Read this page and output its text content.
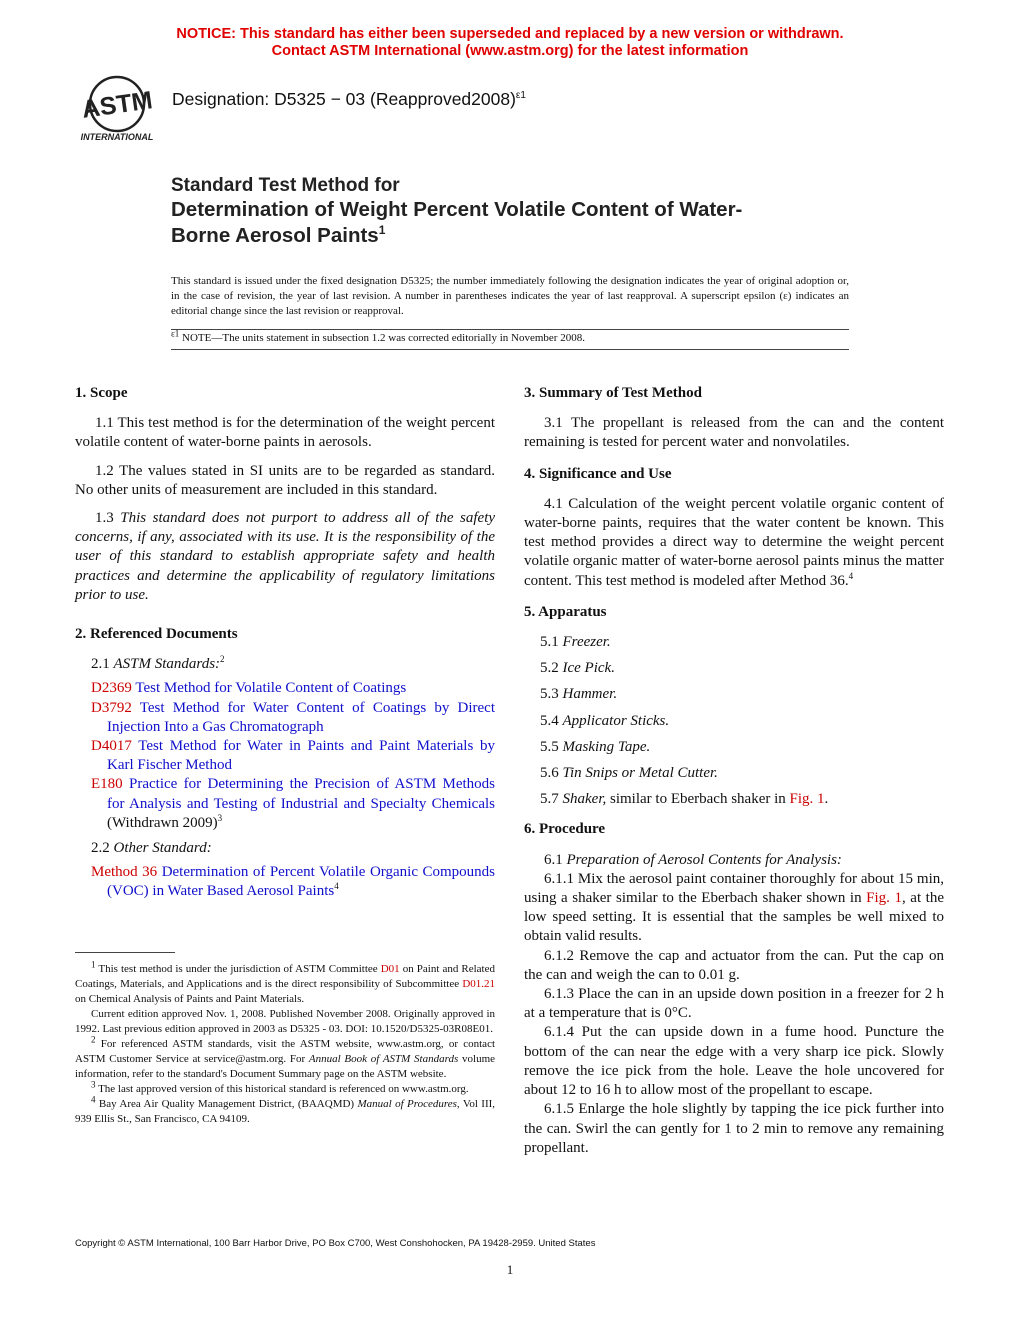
NOTICE: This standard has either been superseded and replaced by a new version or withdrawn.
Contact ASTM International (www.astm.org) for the latest information
ASTM
INTERNATIONAL
Designation: D5325 − 03 (Reapproved2008)$^{\varepsilon 1}$
Standard Test Method for
Determination of Weight Percent Volatile Content of Water-
Borne Aerosol Paints$^1$
This standard is issued under the fixed designation D5325; the number immediately following the designation indicates the year of original adoption or, in the case of revision, the year of last revision. A number in parentheses indicates the year of last reapproval. A superscript epsilon (ε) indicates an editorial change since the last revision or reapproval.
$^{\varepsilon 1}$ NOTE—The units statement in subsection 1.2 was corrected editorially in November 2008.
1. Scope
1.1 This test method is for the determination of the weight percent volatile content of water-borne paints in aerosols.
1.2 The values stated in SI units are to be regarded as standard. No other units of measurement are included in this standard.
1.3 This standard does not purport to address all of the safety concerns, if any, associated with its use. It is the responsibility of the user of this standard to establish appropriate safety and health practices and determine the applicability of regulatory limitations prior to use.
2. Referenced Documents
2.1 ASTM Standards:$^2$
D2369 Test Method for Volatile Content of Coatings
D3792 Test Method for Water Content of Coatings by Direct Injection Into a Gas Chromatograph
D4017 Test Method for Water in Paints and Paint Materials by Karl Fischer Method
E180 Practice for Determining the Precision of ASTM Methods for Analysis and Testing of Industrial and Specialty Chemicals (Withdrawn 2009)$^3$
2.2 Other Standard:
Method 36 Determination of Percent Volatile Organic Compounds (VOC) in Water Based Aerosol Paints$^4$

$^1$ This test method is under the jurisdiction of ASTM Committee D01 on Paint and Related Coatings, Materials, and Applications and is the direct responsibility of Subcommittee D01.21 on Chemical Analysis of Paints and Paint Materials.

Current edition approved Nov. 1, 2008. Published November 2008. Originally approved in 1992. Last previous edition approved in 2003 as D5325 - 03. DOI: 10.1520/D5325-03R08E01.

$^2$ For referenced ASTM standards, visit the ASTM website, www.astm.org, or contact ASTM Customer Service at service@astm.org. For Annual Book of ASTM Standards volume information, refer to the standard's Document Summary page on the ASTM website.

$^3$ The last approved version of this historical standard is referenced on www.astm.org.

$^4$ Bay Area Air Quality Management District, (BAAQMD) Manual of Procedures, Vol III, 939 Ellis St., San Francisco, CA 94109.

3. Summary of Test Method
3.1 The propellant is released from the can and the content remaining is tested for percent water and nonvolatiles.
4. Significance and Use
4.1 Calculation of the weight percent volatile organic content of water-borne paints, requires that the water content be known. This test method provides a direct way to determine the weight percent volatile organic matter of water-borne aerosol paints minus the matter content. This test method is modeled after Method 36.$^4$
5. Apparatus
5.1 Freezer.
5.2 Ice Pick.
5.3 Hammer.
5.4 Applicator Sticks.
5.5 Masking Tape.
5.6 Tin Snips or Metal Cutter.
5.7 Shaker, similar to Eberbach shaker in Fig. 1.
6. Procedure
6.1 Preparation of Aerosol Contents for Analysis:
6.1.1 Mix the aerosol paint container thoroughly for about 15 min, using a shaker similar to the Eberbach shaker shown in Fig. 1, at the low speed setting. It is essential that the samples be well mixed to obtain valid results.
6.1.2 Remove the cap and actuator from the can. Put the cap on the can and weigh the can to 0.01 g.
6.1.3 Place the can in an upside down position in a freezer for 2 h at a temperature that is 0°C.
6.1.4 Put the can upside down in a fume hood. Puncture the bottom of the can near the edge with a very sharp ice pick. Slowly remove the ice pick from the hole. Leave the hole uncovered for about 12 to 16 h to allow most of the propellant to escape.
6.1.5 Enlarge the hole slightly by tapping the ice pick further into the can. Swirl the can gently for 1 to 2 min to remove any remaining propellant.
Copyright © ASTM International, 100 Barr Harbor Drive, PO Box C700, West Conshohocken, PA 19428-2959. United States
1
